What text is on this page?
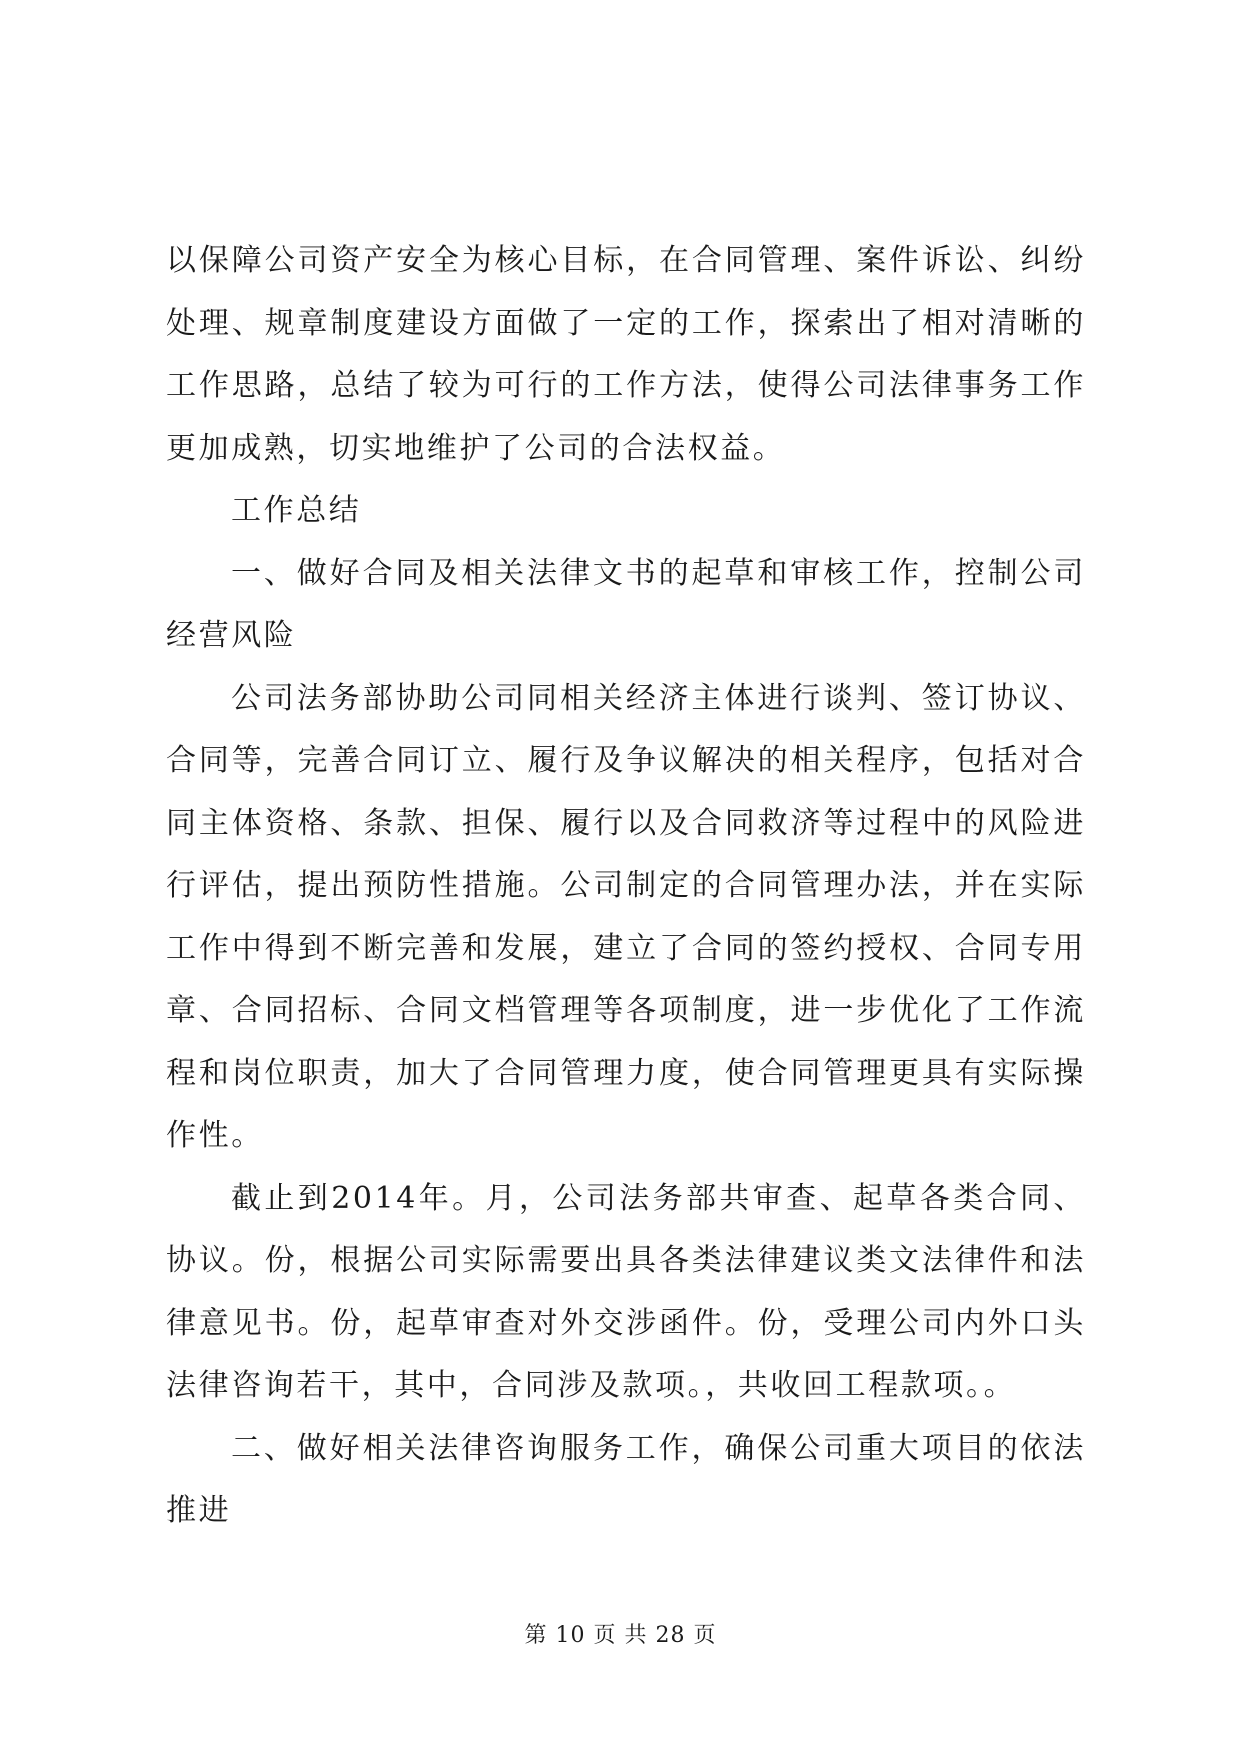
以保障公司资产安全为核心目标，在合同管理、案件诉讼、纠纷处理、规章制度建设方面做了一定的工作，探索出了相对清晰的工作思路，总结了较为可行的工作方法，使得公司法律事务工作更加成熟，切实地维护了公司的合法权益。

工作总结

一、做好合同及相关法律文书的起草和审核工作，控制公司经营风险

公司法务部协助公司同相关经济主体进行谈判、签订协议、合同等，完善合同订立、履行及争议解决的相关程序，包括对合同主体资格、条款、担保、履行以及合同救济等过程中的风险进行评估，提出预防性措施。公司制定的合同管理办法，并在实际工作中得到不断完善和发展，建立了合同的签约授权、合同专用章、合同招标、合同文档管理等各项制度，进一步优化了工作流程和岗位职责，加大了合同管理力度，使合同管理更具有实际操作性。

截止到2014年。月，公司法务部共审查、起草各类合同、协议。份，根据公司实际需要出具各类法律建议类文法律件和法律意见书。份，起草审查对外交涉函件。份，受理公司内外口头法律咨询若干，其中，合同涉及款项。，共收回工程款项。。

二、做好相关法律咨询服务工作，确保公司重大项目的依法推进

第 10 页 共 28 页
